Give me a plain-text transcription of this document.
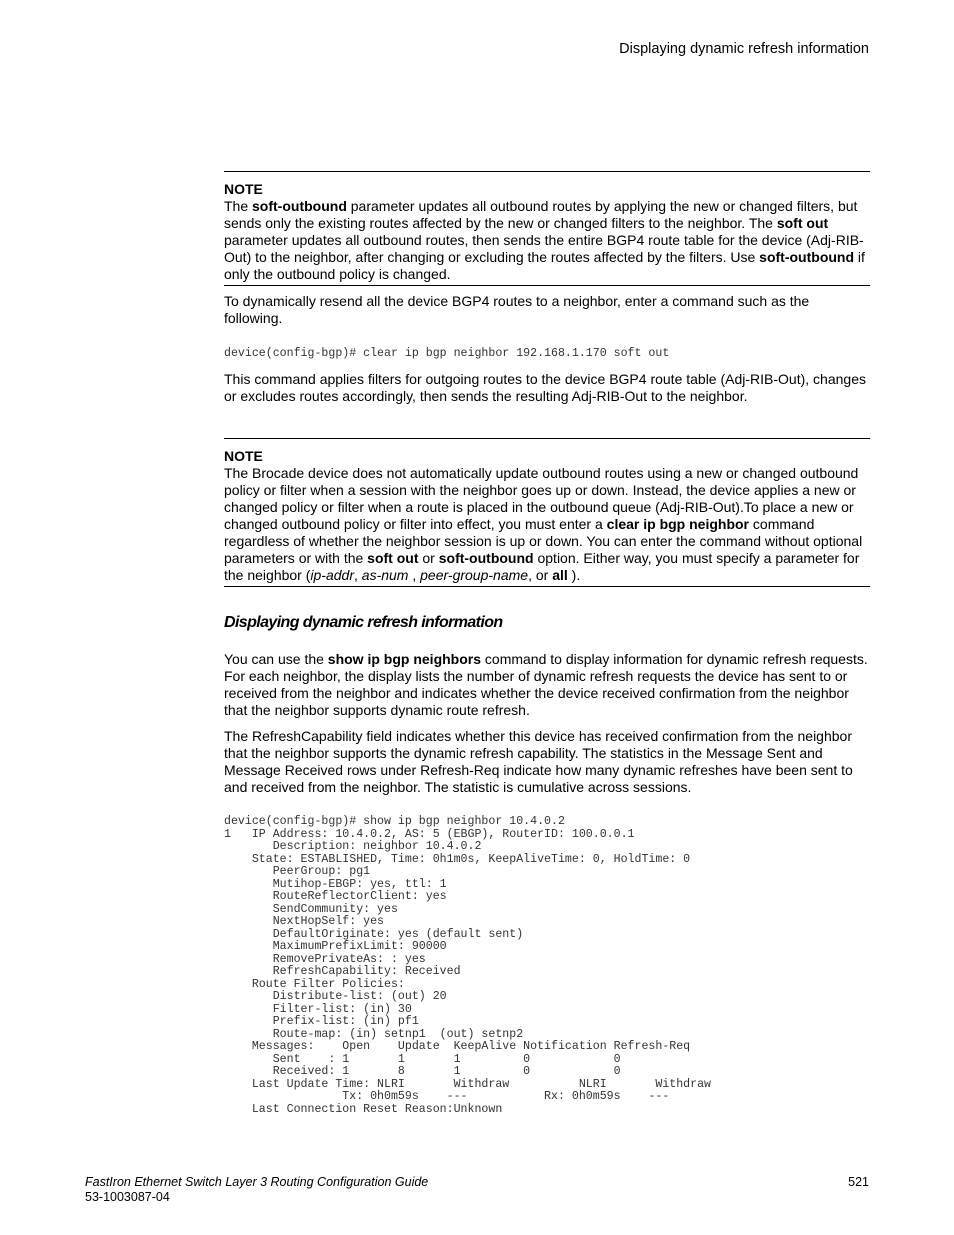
Displaying dynamic refresh information
NOTE
The soft-outbound parameter updates all outbound routes by applying the new or changed filters, but sends only the existing routes affected by the new or changed filters to the neighbor. The soft out parameter updates all outbound routes, then sends the entire BGP4 route table for the device (Adj-RIB-Out) to the neighbor, after changing or excluding the routes affected by the filters. Use soft-outbound if only the outbound policy is changed.

To dynamically resend all the device BGP4 routes to a neighbor, enter a command such as the following.

device(config-bgp)# clear ip bgp neighbor 192.168.1.170 soft out

This command applies filters for outgoing routes to the device BGP4 route table (Adj-RIB-Out), changes or excludes routes accordingly, then sends the resulting Adj-RIB-Out to the neighbor.

NOTE
The Brocade device does not automatically update outbound routes using a new or changed outbound policy or filter when a session with the neighbor goes up or down. Instead, the device applies a new or changed policy or filter when a route is placed in the outbound queue (Adj-RIB-Out).To place a new or changed outbound policy or filter into effect, you must enter a clear ip bgp neighbor command regardless of whether the neighbor session is up or down. You can enter the command without optional parameters or with the soft out or soft-outbound option. Either way, you must specify a parameter for the neighbor (ip-addr, as-num , peer-group-name, or all ).
Displaying dynamic refresh information

You can use the show ip bgp neighbors command to display information for dynamic refresh requests. For each neighbor, the display lists the number of dynamic refresh requests the device has sent to or received from the neighbor and indicates whether the device received confirmation from the neighbor that the neighbor supports dynamic route refresh.

The RefreshCapability field indicates whether this device has received confirmation from the neighbor that the neighbor supports the dynamic refresh capability. The statistics in the Message Sent and Message Received rows under Refresh-Req indicate how many dynamic refreshes have been sent to and received from the neighbor. The statistic is cumulative across sessions.

device(config-bgp)# show ip bgp neighbor 10.4.0.2
1   IP Address: 10.4.0.2, AS: 5 (EBGP), RouterID: 100.0.0.1
Description: neighbor 10.4.0.2
State: ESTABLISHED, Time: 0h1m0s, KeepAliveTime: 0, HoldTime: 0
PeerGroup: pg1
Mutihop-EBGP: yes, ttl: 1
RouteReflectorClient: yes
SendCommunity: yes
NextHopSelf: yes
DefaultOriginate: yes (default sent)
MaximumPrefixLimit: 90000
RemovePrivateAs: : yes
RefreshCapability: Received
Route Filter Policies:
Distribute-list: (out) 20
Filter-list: (in) 30
Prefix-list: (in) pf1
Route-map: (in) setnp1  (out) setnp2
Messages:    Open    Update  KeepAlive Notification Refresh-Req
Sent    : 1       1       1         0            0
Received: 1       8       1         0            0
Last Update Time: NLRI       Withdraw          NLRI       Withdraw
Tx: 0h0m59s    ---           Rx: 0h0m59s    ---
Last Connection Reset Reason:Unknown
FastIron Ethernet Switch Layer 3 Routing Configuration Guide
53-1003087-04
521
